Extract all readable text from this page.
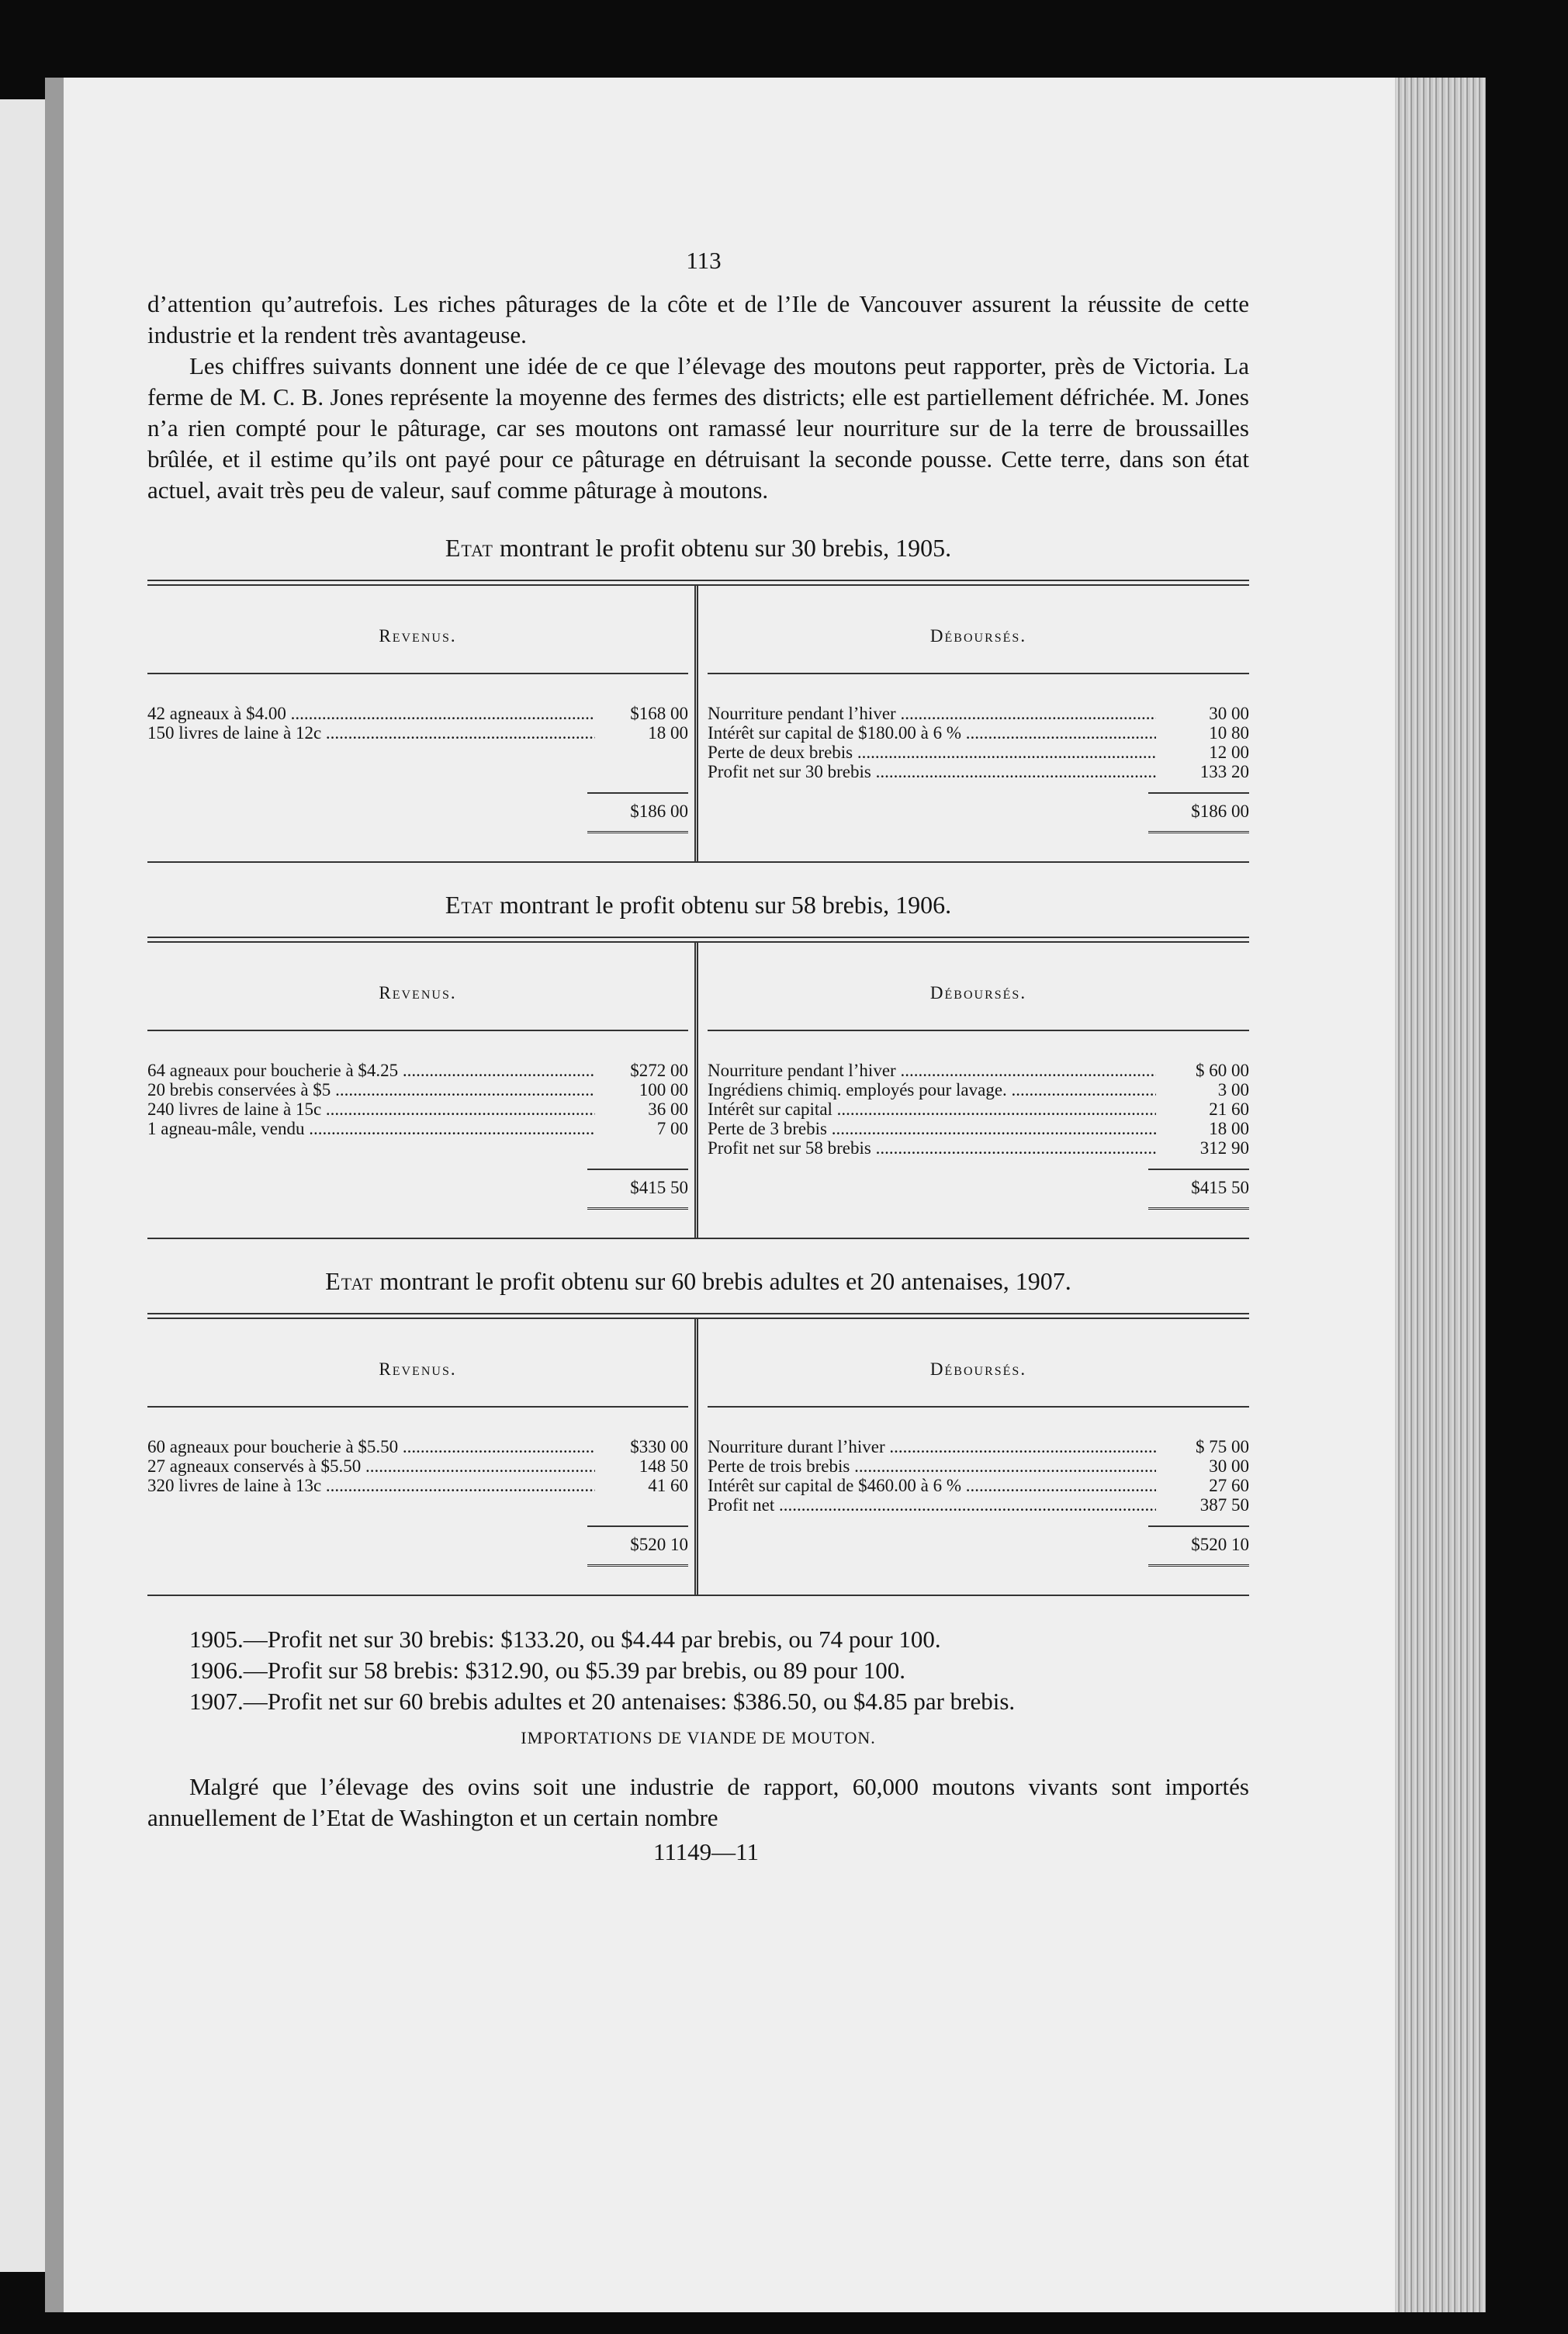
113

d’attention qu’autrefois. Les riches pâturages de la côte et de l’Ile de Vancouver assurent la réussite de cette industrie et la rendent très avantageuse.

Les chiffres suivants donnent une idée de ce que l’élevage des moutons peut rapporter, près de Victoria. La ferme de M. C. B. Jones représente la moyenne des fermes des districts; elle est partiellement défrichée. M. Jones n’a rien compté pour le pâturage, car ses moutons ont ramassé leur nourriture sur de la terre de broussailles brûlée, et il estime qu’ils ont payé pour ce pâturage en détruisant la seconde pousse. Cette terre, dans son état actuel, avait très peu de valeur, sauf comme pâturage à moutons.

Etat montrant le profit obtenu sur 30 brebis, 1905.
Revenus.
42 agneaux à $4.00 .....	$168 00
150 livres de laine à 12c .....	18 00
$186 00
Déboursés.
Nourriture pendant l’hiver .....	30 00
Intérêt sur capital de $180.00 à 6 % .....	10 80
Perte de deux brebis .....	12 00
Profit net sur 30 brebis .....	133 20
$186 00
Etat montrant le profit obtenu sur 58 brebis, 1906.
Revenus.
64 agneaux pour boucherie à $4.25 .....	$272 00
20 brebis conservées à $5 .....	100 00
240 livres de laine à 15c .....	36 00
1 agneau-mâle, vendu .....	7 00
$415 50
Déboursés.
Nourriture pendant l’hiver .....	$ 60 00
Ingrédiens chimiq. employés pour lavage. .....	3 00
Intérêt sur capital .....	21 60
Perte de 3 brebis .....	18 00
Profit net sur 58 brebis .....	312 90
$415 50
Etat montrant le profit obtenu sur 60 brebis adultes et 20 antenaises, 1907.
Revenus.
60 agneaux pour boucherie à $5.50 .....	$330 00
27 agneaux conservés à $5.50 .....	148 50
320 livres de laine à 13c .....	41 60
$520 10
Déboursés.
Nourriture durant l’hiver .....	$ 75 00
Perte de trois brebis .....	30 00
Intérêt sur capital de $460.00 à 6 % .....	27 60
Profit net .....	387 50
$520 10

1905.—Profit net sur 30 brebis: $133.20, ou $4.44 par brebis, ou 74 pour 100.

1906.—Profit sur 58 brebis: $312.90, ou $5.39 par brebis, ou 89 pour 100.

1907.—Profit net sur 60 brebis adultes et 20 antenaises: $386.50, ou $4.85 par brebis.

IMPORTATIONS DE VIANDE DE MOUTON.

Malgré que l’élevage des ovins soit une industrie de rapport, 60,000 moutons vivants sont importés annuellement de l’Etat de Washington et un certain nombre

11149—11
